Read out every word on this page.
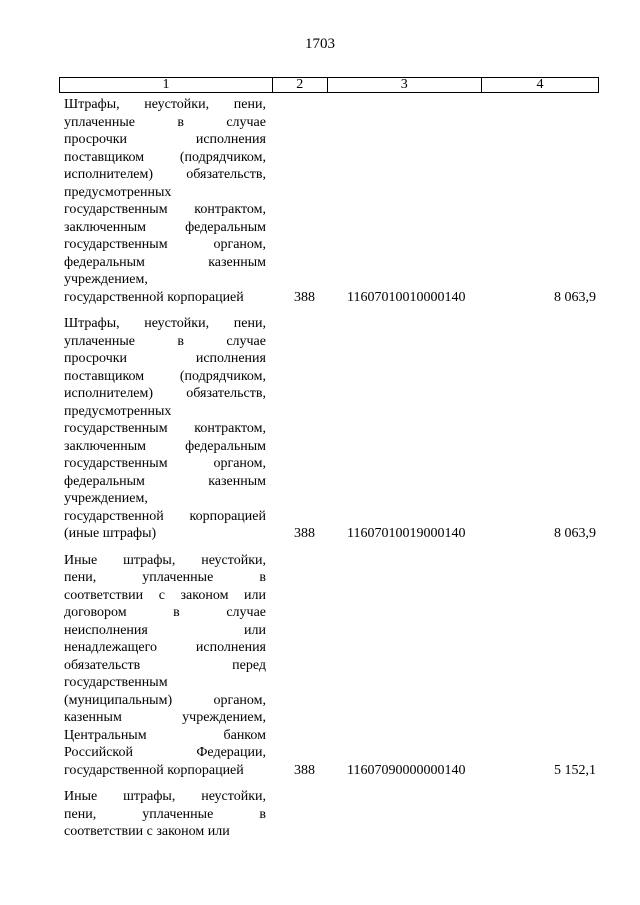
1703
1	2	3	4
Штрафы, неустойки, пени,
уплаченные в случае
просрочки исполнения
поставщиком (подрядчиком,
исполнителем) обязательств,
предусмотренных
государственным контрактом,
заключенным федеральным
государственным органом,
федеральным казенным
учреждением,
государственной корпорацией	388 11607010010000140	8 063,9
Штрафы, неустойки, пени,
уплаченные в случае
просрочки исполнения
поставщиком (подрядчиком,
исполнителем) обязательств,
предусмотренных
государственным контрактом,
заключенным федеральным
государственным органом,
федеральным казенным
учреждением,
государственной корпорацией
(иные штрафы)	388 11607010019000140	8 063,9
Иные штрафы, неустойки,
пени, уплаченные в
соответствии с законом или
договором в случае
неисполнения или
ненадлежащего исполнения
обязательств перед
государственным
(муниципальным) органом,
казенным учреждением,
Центральным банком
Российской Федерации,
государственной корпорацией	388 11607090000000140	5 152,1
Иные штрафы, неустойки,
пени, уплаченные в
соответствии с законом или
